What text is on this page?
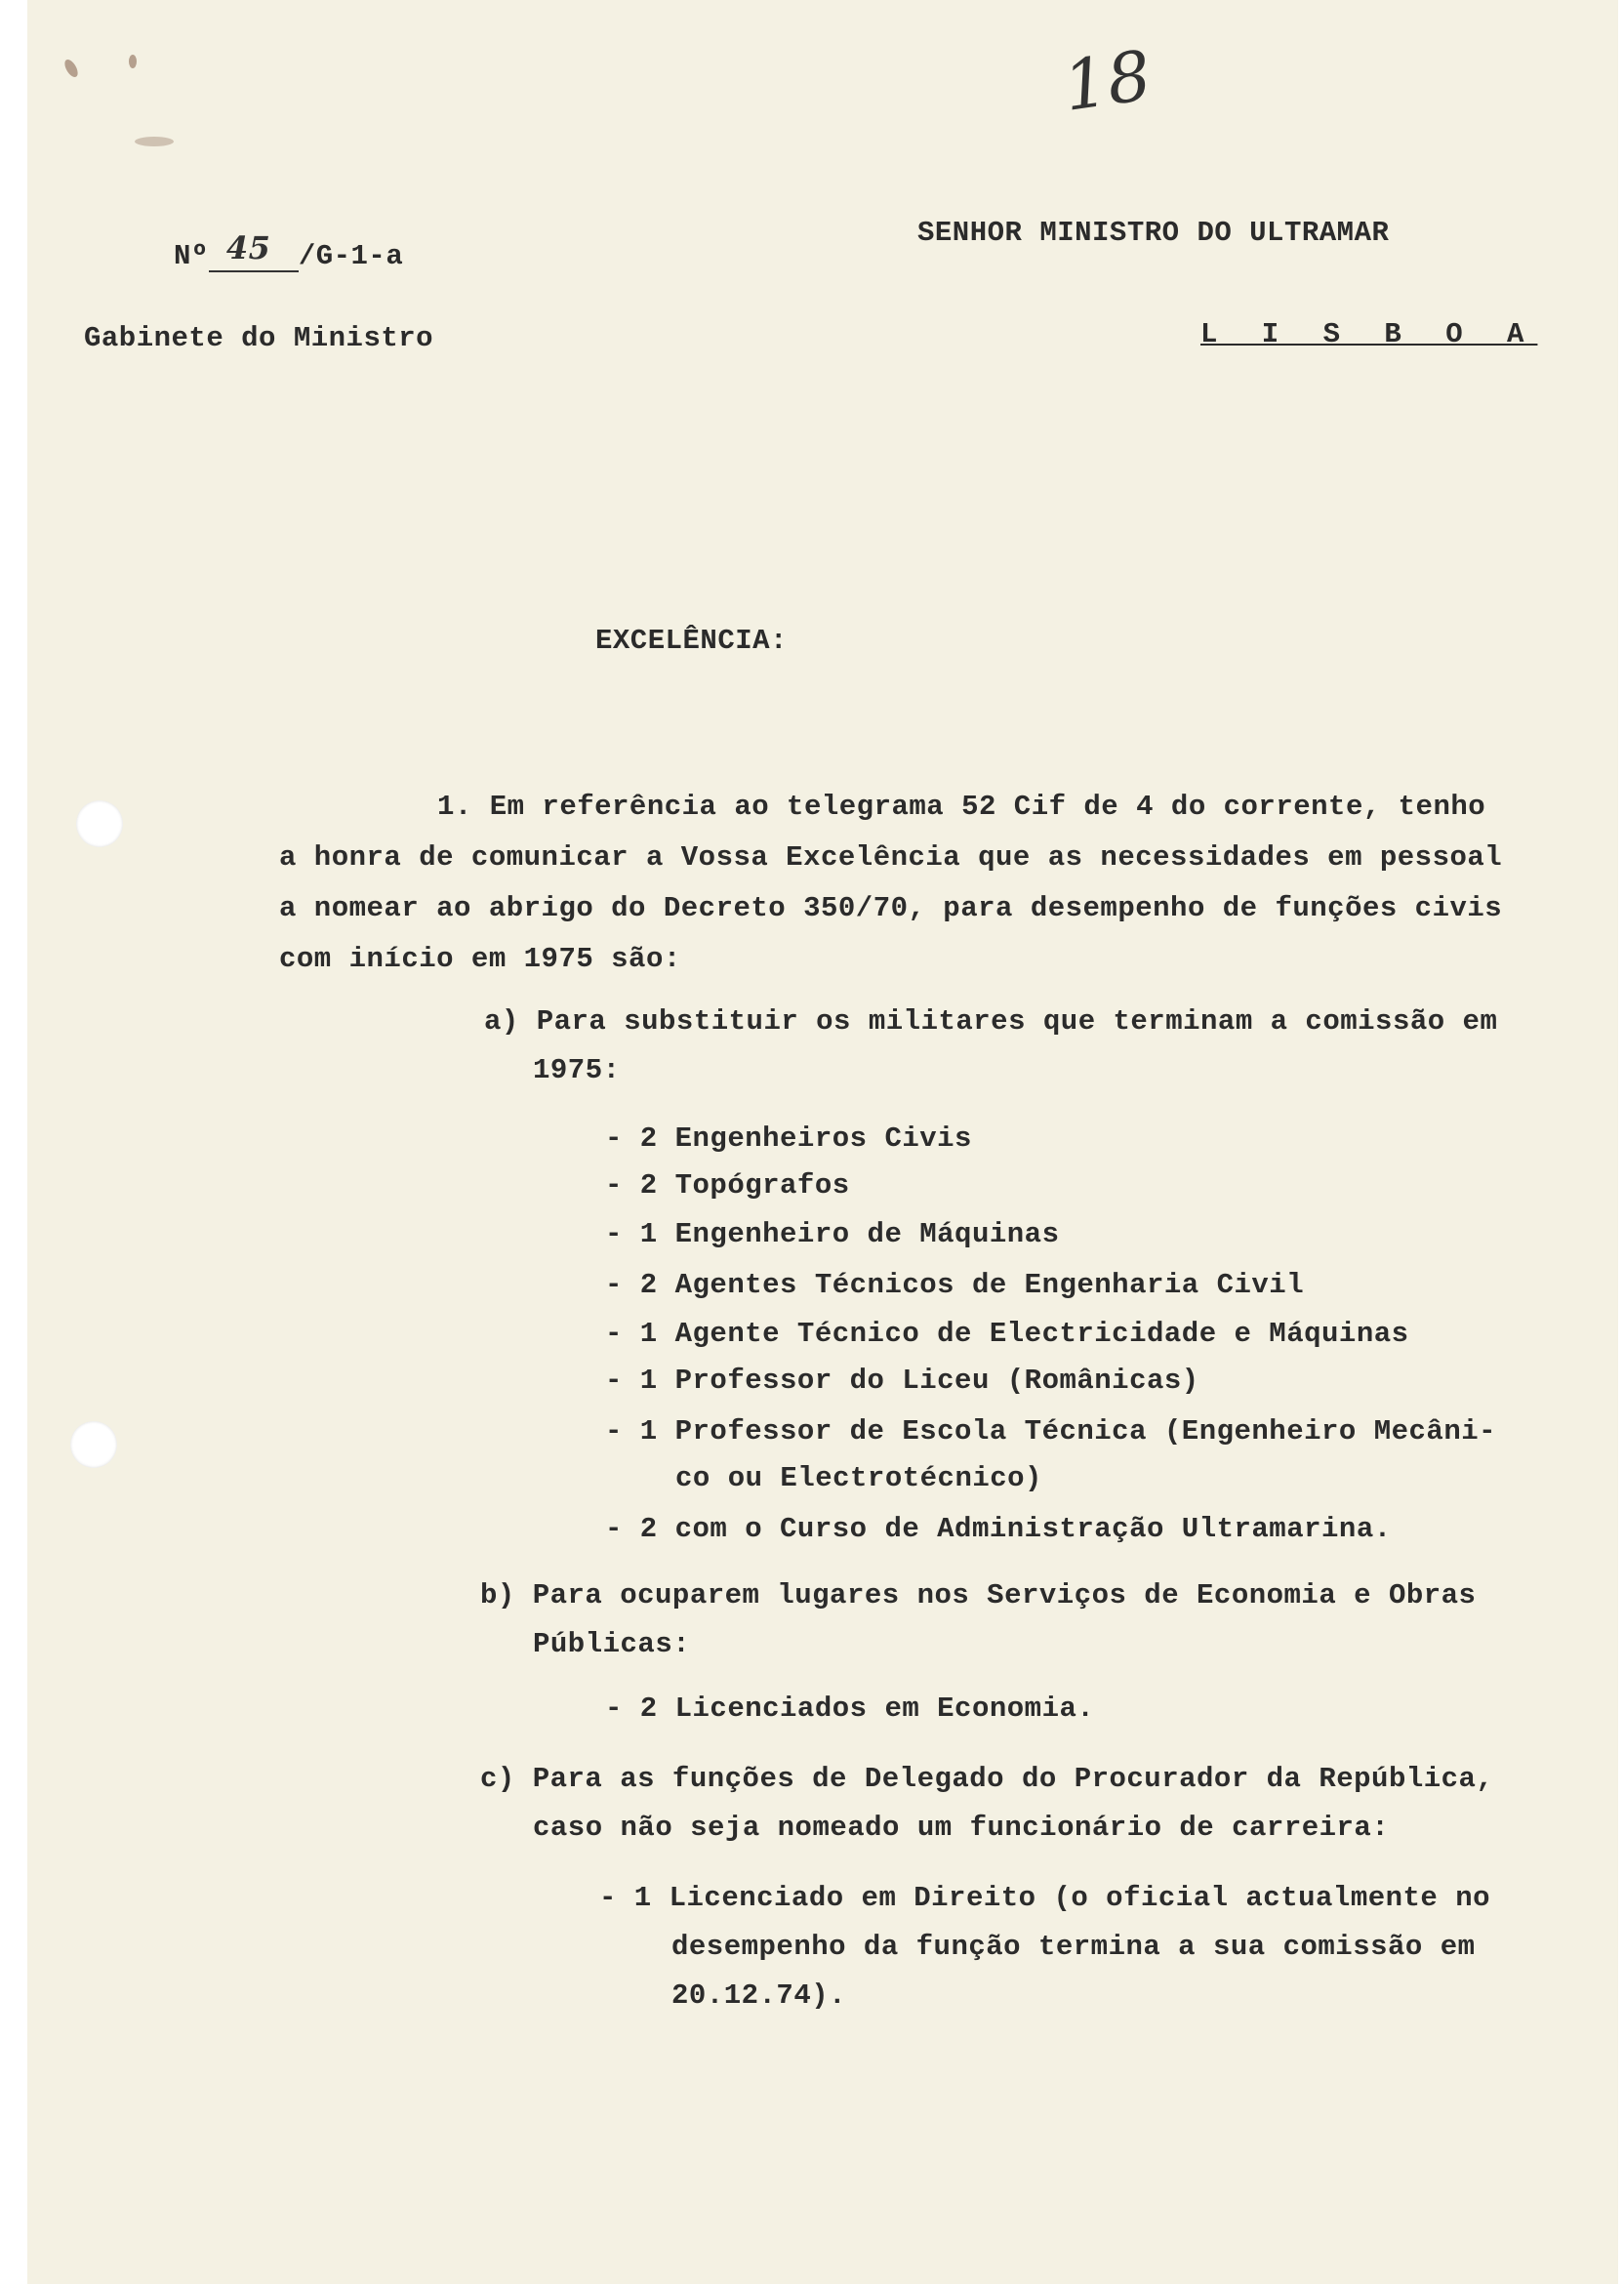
18
Nº 45 /G-1-a
Gabinete do Ministro
SENHOR MINISTRO DO ULTRAMAR
L I S B O A
EXCELÊNCIA:
1. Em referência ao telegrama 52 Cif de 4 do corrente, tenho
a honra de comunicar a Vossa Excelência que as necessidades em pessoal
a nomear ao abrigo do Decreto 350/70, para desempenho de funções civis
com início em 1975 são:
a) Para substituir os militares que terminam a comissão em
1975:
- 2 Engenheiros Civis
- 2 Topógrafos
- 1 Engenheiro de Máquinas
- 2 Agentes Técnicos de Engenharia Civil
- 1 Agente Técnico de Electricidade e Máquinas
- 1 Professor do Liceu (Românicas)
- 1 Professor de Escola Técnica (Engenheiro Mecâni-
co ou Electrotécnico)
- 2 com o Curso de Administração Ultramarina.
b) Para ocuparem lugares nos Serviços de Economia e Obras
Públicas:
- 2 Licenciados em Economia.
c) Para as funções de Delegado do Procurador da República,
caso não seja nomeado um funcionário de carreira:
- 1 Licenciado em Direito (o oficial actualmente no
desempenho da função termina a sua comissão em
20.12.74).
